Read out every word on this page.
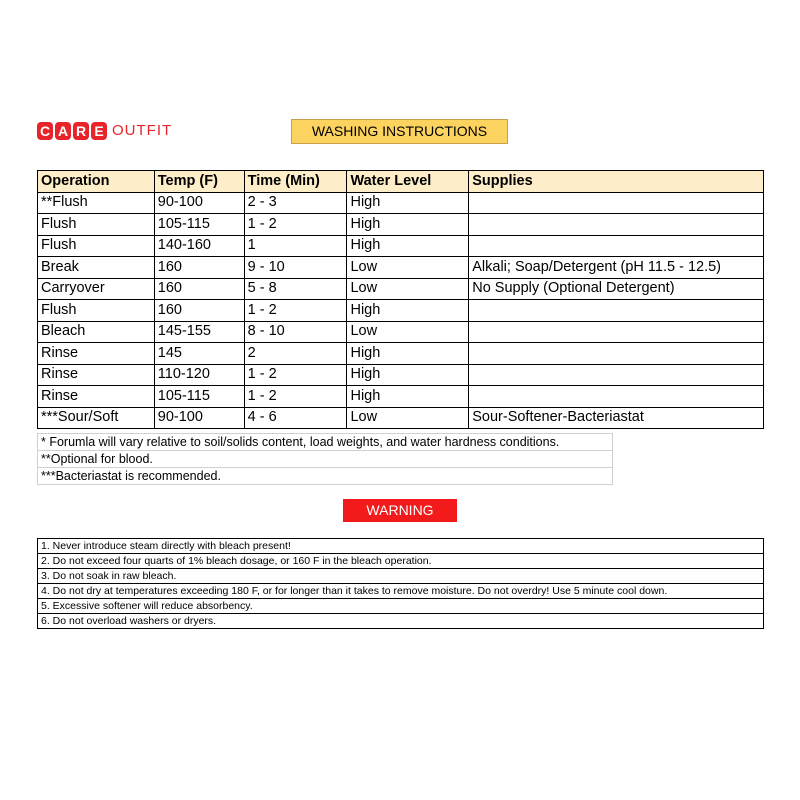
C A R E OUTFIT	WASHING INSTRUCTIONS
Operation	Temp (F)	Time (Min)	Water Level	Supplies
**Flush	90-100	2 - 3	High	
Flush	105-115	1 - 2	High	
Flush	140-160	1	High	
Break	160	9 - 10	Low	Alkali; Soap/Detergent (pH 11.5 - 12.5)
Carryover	160	5 - 8	Low	No Supply (Optional Detergent)
Flush	160	1 - 2	High	
Bleach	145-155	8 - 10	Low	
Rinse	145	2	High	
Rinse	110-120	1 - 2	High	
Rinse	105-115	1 - 2	High	
***Sour/Soft	90-100	4 - 6	Low	Sour-Softener-Bacteriastat
* Forumla will vary relative to soil/solids content, load weights, and water hardness conditions.
**Optional for blood.
***Bacteriastat is recommended.
WARNING
1. Never introduce steam directly with bleach present!
2. Do not exceed four quarts of 1% bleach dosage, or 160 F in the bleach operation.
3. Do not soak in raw bleach.
4. Do not dry at temperatures exceeding 180 F, or for longer than it takes to remove moisture. Do not overdry! Use 5 minute cool down.
5. Excessive softener will reduce absorbency.
6. Do not overload washers or dryers.
